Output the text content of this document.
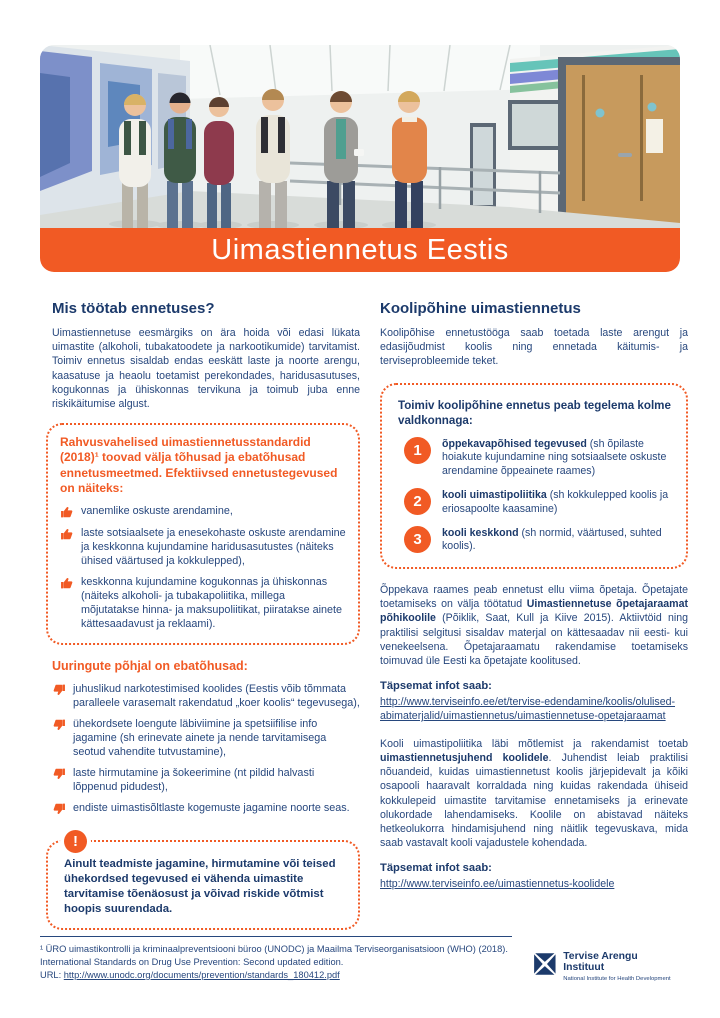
Uimastiennetus Eestis
Mis töötab ennetuses?

Uimastiennetuse eesmärgiks on ära hoida või edasi lükata uimastite (alkoholi, tubakatoodete ja narkootikumide) tarvitamist. Toimiv ennetus sisaldab endas eeskätt laste ja noorte arengu, kaasatuse ja heaolu toetamist perekondades, haridusasutuses, kogukonnas ja ühiskonnas tervikuna ja toimub juba enne riskikäitumise algust.

Rahvusvahelised uimastiennetusstandardid (2018)¹ toovad välja tõhusad ja ebatõhusad ennetusmeetmed. Efektiivsed ennetustegevused on näiteks:

vanemlike oskuste arendamine,
laste sotsiaalsete ja enesekohaste oskuste arendamine ja keskkonna kujundamine haridusasutustes (näiteks ühised väärtused ja kokkulepped),
keskkonna kujundamine kogukonnas ja ühiskonnas (näiteks alkoholi- ja tubakapoliitika, millega mõjutatakse hinna- ja maksupoliitikat, piiratakse ainete kättesaadavust ja reklaami).
Uuringute põhjal on ebatõhusad:
juhuslikud narkotestimised koolides (Eestis võib tõmmata paralleele varasemalt rakendatud „koer koolis“ tegevusega),
ühekordsete loengute läbiviimine ja spetsiifilise info jagamine (sh erinevate ainete ja nende tarvitamisega seotud vahendite tutvustamine),
laste hirmutamine ja šokeerimine (nt pildid halvasti lõppenud pidudest),
endiste uimastisõltlaste kogemuste jagamine noorte seas.
!

Ainult teadmiste jagamine, hirmutamine või teised ühekordsed tegevused ei vähenda uimastite tarvitamise tõenäosust ja võivad riskide võtmist hoopis suurendada.

Koolipõhine uimastiennetus

Koolipõhise ennetustööga saab toetada laste arengut ja edasijõudmist koolis ning ennetada käitumis- ja terviseprobleemide teket.

Toimiv koolipõhine ennetus peab tegelema kolme valdkonnaga:

1	õppekavapõhised tegevused (sh õpilaste hoiakute kujundamine ning sotsiaalsete oskuste arendamine õppeainete raames)
2	kooli uimastipoliitika (sh kokkulepped koolis ja eriosapoolte kaasamine)
3	kooli keskkond (sh normid, väärtused, suhted koolis).

Õppekava raames peab ennetust ellu viima õpetaja. Õpetajate toetamiseks on välja töötatud Uimastiennetuse õpetajaraamat põhikoolile (Põiklik, Saat, Kull ja Kiive 2015). Aktiivtöid ning praktilisi selgitusi sisaldav materjal on kättesaadav nii eesti- kui venekeelsena. Õpetajaraamatu rakendamise toetamiseks toimuvad üle Eesti ka õpetajate koolitused.

Täpsemat infot saab:
http://www.terviseinfo.ee/et/tervise-edendamine/koolis/olulised-abimaterjalid/uimastiennetus/uimastiennetuse-opetajaraamat

Kooli uimastipoliitika läbi mõtlemist ja rakendamist toetab uimastiennetusjuhend koolidele. Juhendist leiab praktilisi nõuandeid, kuidas uimastiennetust koolis järjepidevalt ja kõiki osapooli haaravalt korraldada ning kuidas rakendada ühiseid kokkulepeid uimastite tarvitamise ennetamiseks ja erinevate olukordade lahendamiseks. Koolile on abistavad näiteks hetkeolukorra hindamisjuhend ning näitlik tegevuskava, mida saab vastavalt kooli vajadustele kohendada.

Täpsemat infot saab:
http://www.terviseinfo.ee/uimastiennetus-koolidele
¹ ÜRO uimastikontrolli ja kriminaalpreventsiooni büroo (UNODC) ja Maailma Terviseorganisatsioon (WHO) (2018). International Standards on Drug Use Prevention: Second updated edition.
URL: http://www.unodc.org/documents/prevention/standards_180412.pdf
Tervise Arengu Instituut
National Institute for Health Development
